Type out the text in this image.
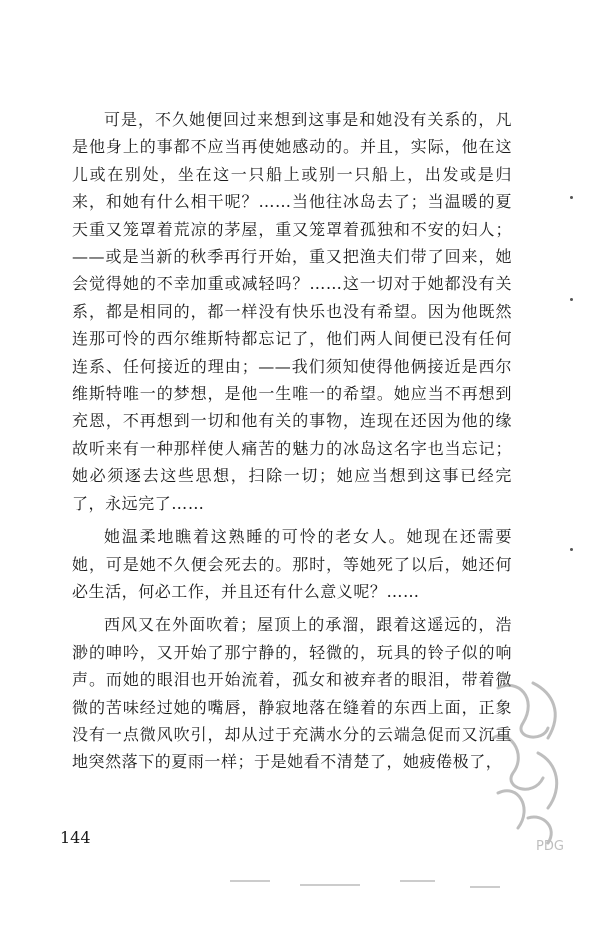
可是，不久她便回过来想到这事是和她没有关系的，凡是他身上的事都不应当再使她感动的。并且，实际，他在这儿或在别处，坐在这一只船上或别一只船上，出发或是归来，和她有什么相干呢？……当他往冰岛去了；当温暖的夏天重又笼罩着荒凉的茅屋，重又笼罩着孤独和不安的妇人；——或是当新的秋季再行开始，重又把渔夫们带了回来，她会觉得她的不幸加重或减轻吗？……这一切对于她都没有关系，都是相同的，都一样没有快乐也没有希望。因为他既然连那可怜的西尔维斯特都忘记了，他们两人间便已没有任何连系、任何接近的理由；——我们须知使得他俩接近是西尔维斯特唯一的梦想，是他一生唯一的希望。她应当不再想到充恩，不再想到一切和他有关的事物，连现在还因为他的缘故听来有一种那样使人痛苦的魅力的冰岛这名字也当忘记；她必须逐去这些思想，扫除一切；她应当想到这事已经完了，永远完了……

她温柔地瞧着这熟睡的可怜的老女人。她现在还需要她，可是她不久便会死去的。那时，等她死了以后，她还何必生活，何必工作，并且还有什么意义呢？……

西风又在外面吹着；屋顶上的承溜，跟着这遥远的，浩渺的呻吟，又开始了那宁静的，轻微的，玩具的铃子似的响声。而她的眼泪也开始流着，孤女和被弃者的眼泪，带着微微的苦味经过她的嘴唇，静寂地落在缝着的东西上面，正象没有一点微风吹引，却从过于充满水分的云端急促而又沉重地突然落下的夏雨一样；于是她看不清楚了，她疲倦极了，

144	PDG
